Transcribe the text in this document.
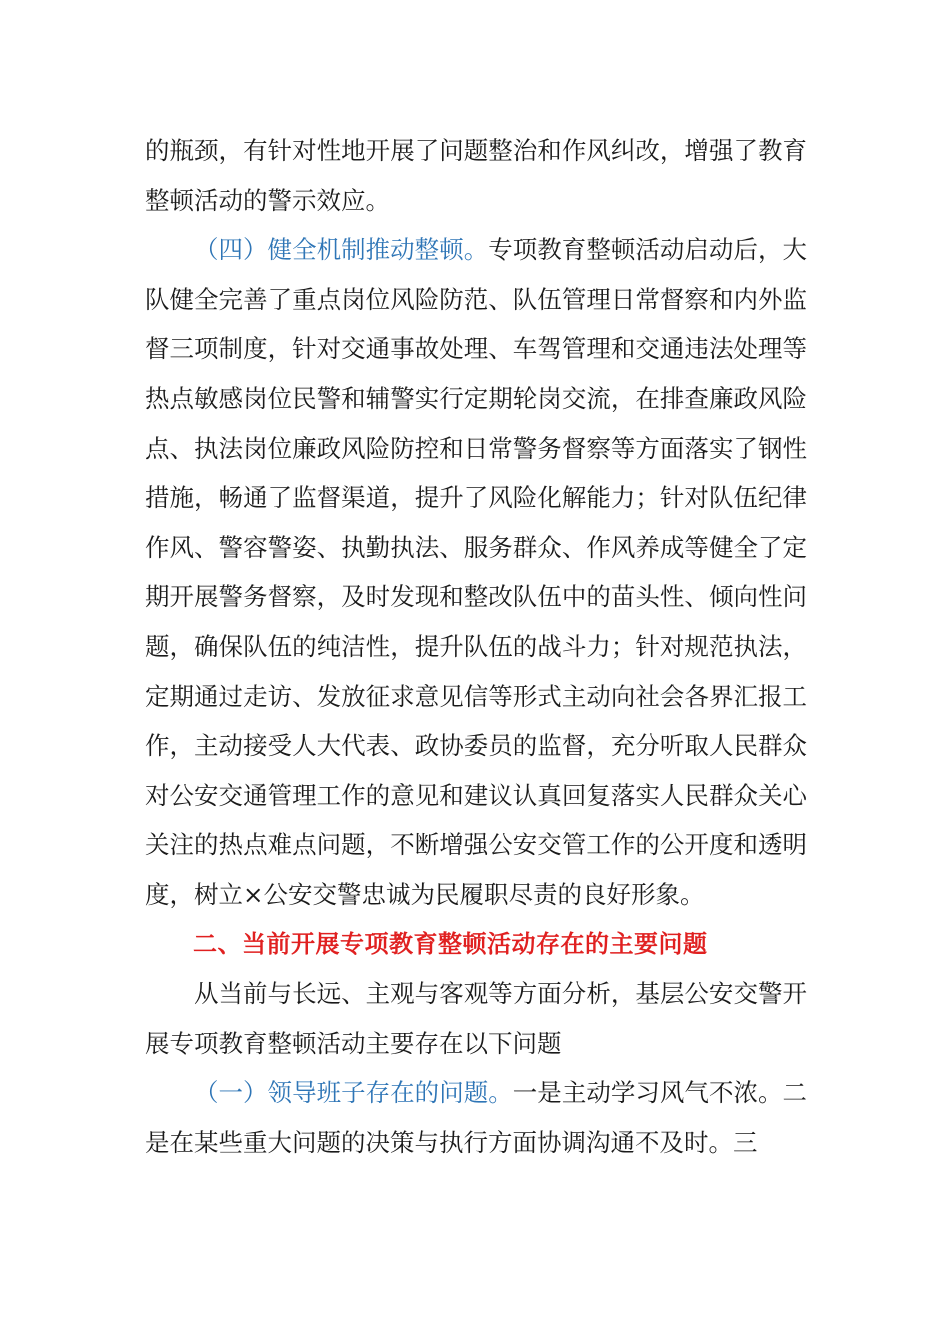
的瓶颈，有针对性地开展了问题整治和作风纠改，增强了教育整顿活动的警示效应。

（四）健全机制推动整顿。专项教育整顿活动启动后，大队健全完善了重点岗位风险防范、队伍管理日常督察和内外监督三项制度，针对交通事故处理、车驾管理和交通违法处理等热点敏感岗位民警和辅警实行定期轮岗交流，在排查廉政风险点、执法岗位廉政风险防控和日常警务督察等方面落实了钢性措施，畅通了监督渠道，提升了风险化解能力；针对队伍纪律作风、警容警姿、执勤执法、服务群众、作风养成等健全了定期开展警务督察，及时发现和整改队伍中的苗头性、倾向性问题，确保队伍的纯洁性，提升队伍的战斗力；针对规范执法，定期通过走访、发放征求意见信等形式主动向社会各界汇报工作，主动接受人大代表、政协委员的监督，充分听取人民群众对公安交通管理工作的意见和建议认真回复落实人民群众关心关注的热点难点问题，不断增强公安交管工作的公开度和透明度，树立×公安交警忠诚为民履职尽责的良好形象。

二、当前开展专项教育整顿活动存在的主要问题

从当前与长远、主观与客观等方面分析，基层公安交警开展专项教育整顿活动主要存在以下问题

（一）领导班子存在的问题。一是主动学习风气不浓。二是在某些重大问题的决策与执行方面协调沟通不及时。三
